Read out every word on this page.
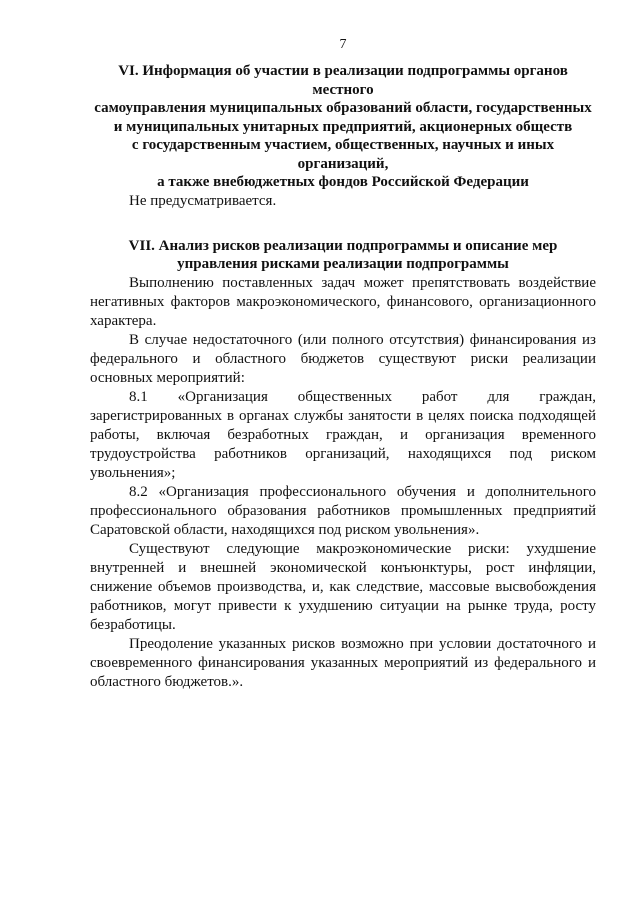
7

VI. Информация об участии в реализации подпрограммы органов местного
самоуправления муниципальных образований области, государственных
и муниципальных унитарных предприятий, акционерных обществ
с государственным участием, общественных, научных и иных организаций,
а также внебюджетных фондов Российской Федерации

Не предусматривается.

VII. Анализ рисков реализации подпрограммы и описание мер
управления рисками реализации подпрограммы

Выполнению поставленных задач может препятствовать воздействие негативных факторов макроэкономического, финансового, организационного характера.

В случае недостаточного (или полного отсутствия) финансирования из федерального и областного бюджетов существуют риски реализации основных мероприятий:

8.1 «Организация общественных работ для граждан, зарегистрированных в органах службы занятости в целях поиска подходящей работы, включая безработных граждан, и организация временного трудоустройства работников организаций, находящихся под риском увольнения»;

8.2 «Организация профессионального обучения и дополнительного профессионального образования работников промышленных предприятий Саратовской области, находящихся под риском увольнения».

Существуют следующие макроэкономические риски: ухудшение внутренней и внешней экономической конъюнктуры, рост инфляции, снижение объемов производства, и, как следствие, массовые высвобождения работников, могут привести к ухудшению ситуации на рынке труда, росту безработицы.

Преодоление указанных рисков возможно при условии достаточного и своевременного финансирования указанных мероприятий из федерального и областного бюджетов.».
